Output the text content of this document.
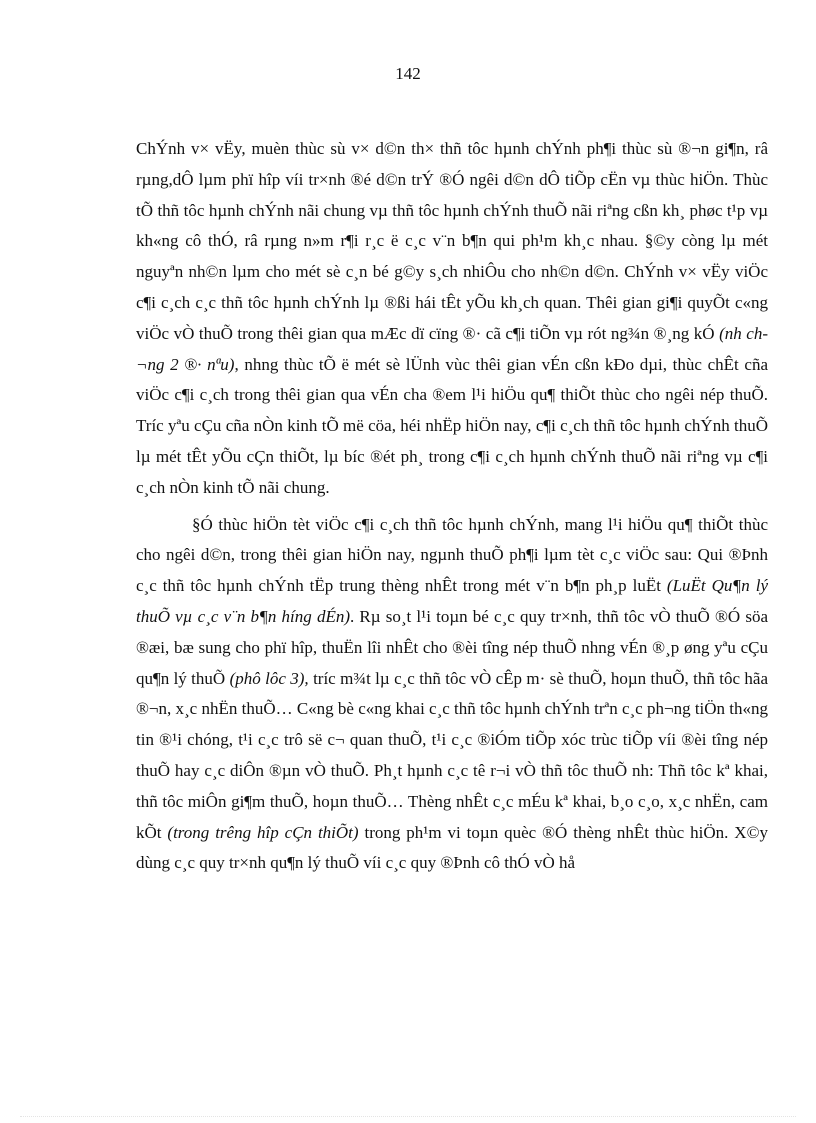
142

ChÝnh v× vËy, muèn thùc sù v× d©n th× thñ tôc hµnh chÝnh ph¶i thùc sù ®¬n gi¶n, râ rµng,dÔ lµm phï hîp víi tr×nh ®é d©n trÝ ®Ó ngêi d©n dÔ tiÕp cËn vµ thùc hiÖn. Thùc tÕ thñ tôc hµnh chÝnh nãi chung vµ thñ tôc hµnh chÝnh thuÕ nãi riªng cßn kh¸ phøc t¹p vµ kh«ng cô thÓ, râ rµng n»m r¶i r¸c ë c¸c v¨n b¶n qui ph¹m kh¸c nhau. §©y còng lµ mét nguyªn nh©n lµm cho mét sè c¸n bé g©y s¸ch nhiÔu cho nh©n d©n. ChÝnh v× vËy viÖc c¶i c¸ch c¸c thñ tôc hµnh chÝnh lµ ®ßi hái tÊt yÕu kh¸ch quan. Thêi gian gi¶i quyÕt c«ng viÖc vÒ thuÕ trong thêi gian qua mÆc dï cïng ®· cã c¶i tiÕn vµ rót ng¾n ®¸ng kÓ (nh ch¬ng 2 ®· nªu), nhng thùc tÕ ë mét sè lÜnh vùc thêi gian vÉn cßn kÐo dµi, thùc chÊt cña viÖc c¶i c¸ch trong thêi gian qua vÉn cha ®em l¹i hiÖu qu¶ thiÕt thùc cho ngêi nép thuÕ. Tríc yªu cÇu cña nÒn kinh tÕ më cöa, héi nhËp hiÖn nay, c¶i c¸ch thñ tôc hµnh chÝnh thuÕ lµ mét tÊt yÕu cÇn thiÕt, lµ bíc ®ét ph¸ trong c¶i c¸ch hµnh chÝnh thuÕ nãi riªng vµ c¶i c¸ch nÒn kinh tÕ nãi chung.

§Ó thùc hiÖn tèt viÖc c¶i c¸ch thñ tôc hµnh chÝnh, mang l¹i hiÖu qu¶ thiÕt thùc cho ngêi d©n, trong thêi gian hiÖn nay, ngµnh thuÕ ph¶i lµm tèt c¸c viÖc sau: Qui ®Þnh c¸c thñ tôc hµnh chÝnh tËp trung thèng nhÊt trong mét v¨n b¶n ph¸p luËt (LuËt Qu¶n lý thuÕ vµ c¸c v¨n b¶n híng dÉn). Rµ so¸t l¹i toµn bé c¸c quy tr×nh, thñ tôc vÒ thuÕ ®Ó söa ®æi, bæ sung cho phï hîp, thuËn lîi nhÊt cho ®èi tîng nép thuÕ nhng vÉn ®¸p øng yªu cÇu qu¶n lý thuÕ (phô lôc 3), tríc m¾t lµ c¸c thñ tôc vÒ cÊp m· sè thuÕ, hoµn thuÕ, thñ tôc hãa ®¬n, x¸c nhËn thuÕ… C«ng bè c«ng khai c¸c thñ tôc hµnh chÝnh trªn c¸c ph¬ng tiÖn th«ng tin ®¹i chóng, t¹i c¸c trô së c¬ quan thuÕ, t¹i c¸c ®iÓm tiÕp xóc trùc tiÕp víi ®èi tîng nép thuÕ hay c¸c diÔn ®µn vÒ thuÕ. Ph¸t hµnh c¸c tê r¬i vÒ thñ tôc thuÕ nh: Thñ tôc kª khai, thñ tôc miÔn gi¶m thuÕ, hoµn thuÕ… Thèng nhÊt c¸c mÉu kª khai, b¸o c¸o, x¸c nhËn, cam kÕt (trong trêng hîp cÇn thiÕt) trong ph¹m vi toµn quèc ®Ó thèng nhÊt thùc hiÖn. X©y dùng c¸c quy tr×nh qu¶n lý thuÕ víi c¸c quy ®Þnh cô thÓ vÒ hå
